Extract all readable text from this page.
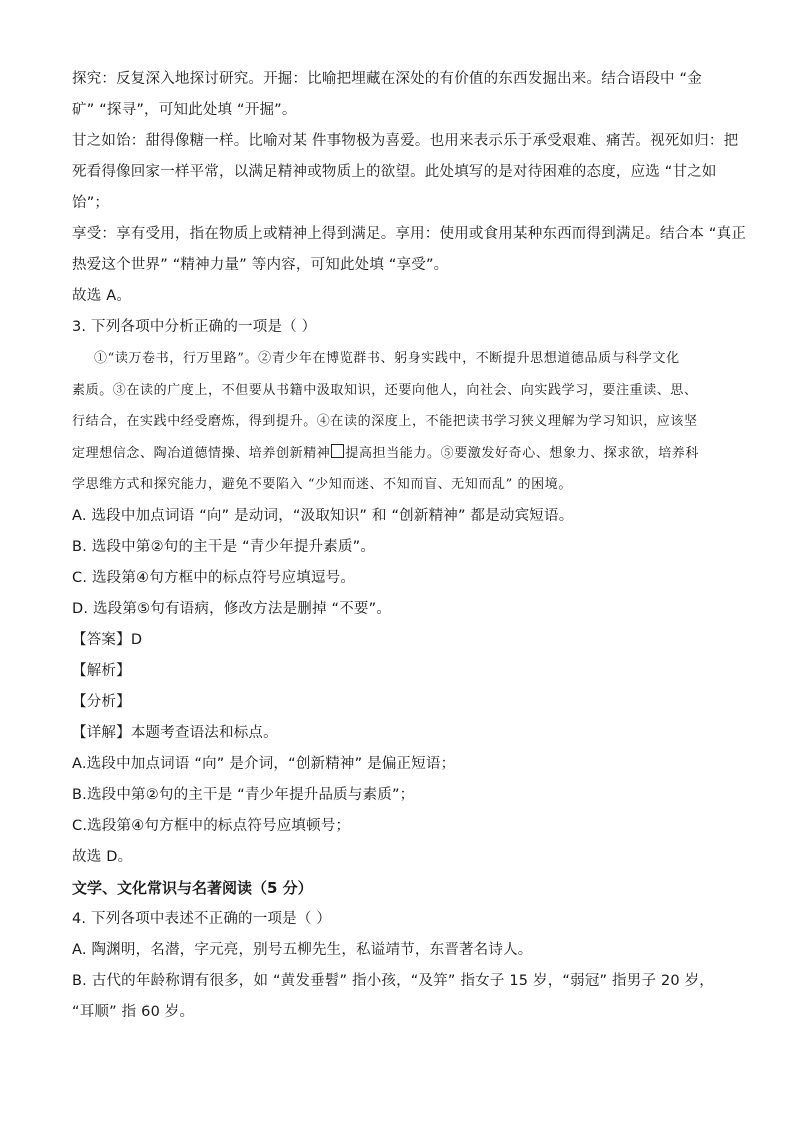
探究：反复深入地探讨研究。开掘：比喻把埋藏在深处的有价值的东西发掘出来。结合语段中 “金
矿” “探寻”，可知此处填 “开掘”。
甘之如饴：甜得像糖一样。比喻对某 件事物极为喜爱。也用来表示乐于承受艰难、痛苦。视死如归：把
死看得像回家一样平常，以满足精神或物质上的欲望。此处填写的是对待困难的态度，应选 “甘之如
饴”；
享受：享有受用，指在物质上或精神上得到满足。享用：使用或食用某种东西而得到满足。结合本 “真正
热爱这个世界” “精神力量” 等内容，可知此处填 “享受”。
故选 A。
3. 下列各项中分析正确的一项是（ ）
①“读万卷书，行万里路”。②青少年在博览群书、躬身实践中，不断提升思想道德品质与科学文化
素质。③在读的广度上，不但要从书籍中汲取知识，还要向他人，向社会、向实践学习，要注重读、思、
行结合，在实践中经受磨炼，得到提升。④在读的深度上，不能把读书学习狭义理解为学习知识，应该坚
定理想信念、陶冶道德情操、培养创新精神 提高担当能力。⑤要激发好奇心、想象力、探求欲，培养科
学思维方式和探究能力，避免不要陷入 “少知而迷、不知而盲、无知而乱” 的困境。
A. 选段中加点词语 “向” 是动词，“汲取知识” 和 “创新精神” 都是动宾短语。
B. 选段中第②句的主干是 “青少年提升素质”。
C. 选段第④句方框中的标点符号应填逗号。
D. 选段第⑤句有语病，修改方法是删掉 “不要”。
【答案】D
【解析】
【分析】
【详解】本题考查语法和标点。
A.选段中加点词语 “向” 是介词，“创新精神” 是偏正短语；
B.选段中第②句的主干是 “青少年提升品质与素质”；
C.选段第④句方框中的标点符号应填顿号；
故选 D。
文学、文化常识与名著阅读（5 分）
4. 下列各项中表述不正确的一项是（ ）
A. 陶渊明，名潜，字元亮，别号五柳先生，私谥靖节，东晋著名诗人。
B. 古代的年龄称谓有很多，如 “黄发垂髫” 指小孩，“及笄” 指女子 15 岁，“弱冠” 指男子 20 岁，
“耳顺” 指 60 岁。
